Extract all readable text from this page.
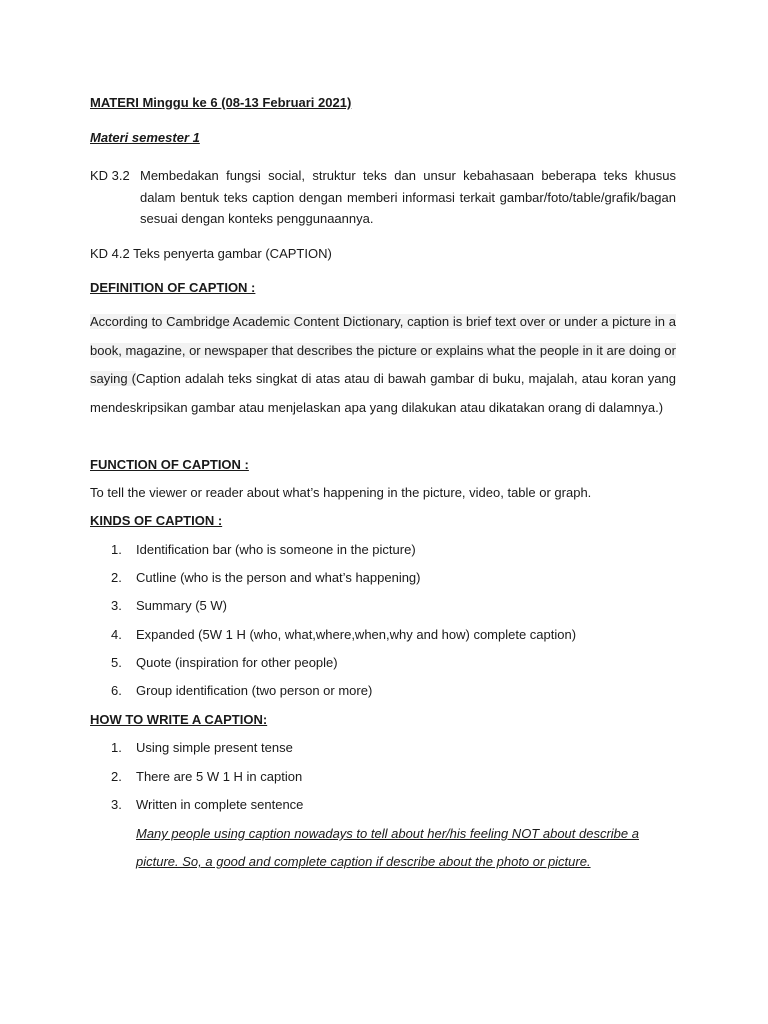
MATERI Minggu ke 6 (08-13 Februari 2021)
Materi semester 1
KD 3.2 Membedakan fungsi social, struktur teks dan unsur kebahasaan beberapa teks khusus dalam bentuk teks caption dengan memberi informasi terkait gambar/foto/table/grafik/bagan sesuai dengan konteks penggunaannya.
KD 4.2 Teks penyerta gambar (CAPTION)
DEFINITION OF CAPTION :
According to Cambridge Academic Content Dictionary, caption is brief text over or under a picture in a book, magazine, or newspaper that describes the picture or explains what the people in it are doing or saying (Caption adalah teks singkat di atas atau di bawah gambar di buku, majalah, atau koran yang mendeskripsikan gambar atau menjelaskan apa yang dilakukan atau dikatakan orang di dalamnya.)
FUNCTION OF CAPTION :
To tell the viewer or reader about what’s happening in the picture, video, table or graph.
KINDS OF CAPTION :
1. Identification bar (who is someone in the picture)
2. Cutline (who is the person and what’s happening)
3. Summary (5 W)
4. Expanded (5W 1 H (who, what,where,when,why and how) complete caption)
5. Quote (inspiration for other people)
6. Group identification (two person or more)
HOW TO WRITE A CAPTION:
1. Using simple present tense
2. There are 5 W 1 H in caption
3. Written in complete sentence
Many people using caption nowadays to tell about her/his feeling NOT about describe a picture. So, a good and complete caption if describe about the photo or picture.
